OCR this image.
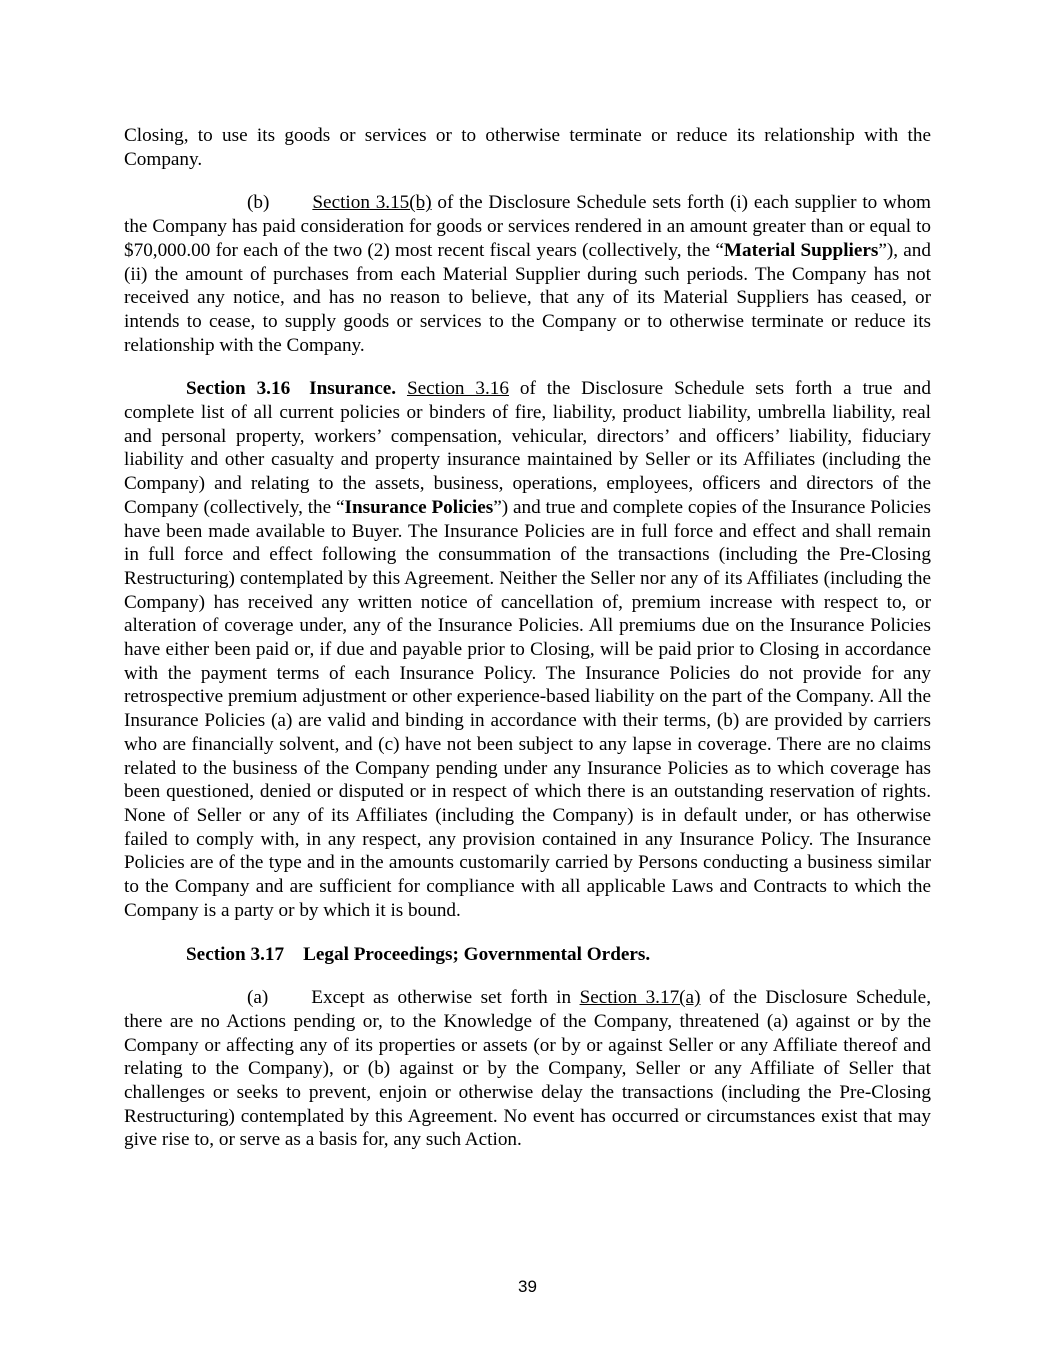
Closing, to use its goods or services or to otherwise terminate or reduce its relationship with the Company.

(b) Section 3.15(b) of the Disclosure Schedule sets forth (i) each supplier to whom the Company has paid consideration for goods or services rendered in an amount greater than or equal to $70,000.00 for each of the two (2) most recent fiscal years (collectively, the “Material Suppliers”), and (ii) the amount of purchases from each Material Supplier during such periods. The Company has not received any notice, and has no reason to believe, that any of its Material Suppliers has ceased, or intends to cease, to supply goods or services to the Company or to otherwise terminate or reduce its relationship with the Company.

Section 3.16 Insurance. Section 3.16 of the Disclosure Schedule sets forth a true and complete list of all current policies or binders of fire, liability, product liability, umbrella liability, real and personal property, workers’ compensation, vehicular, directors’ and officers’ liability, fiduciary liability and other casualty and property insurance maintained by Seller or its Affiliates (including the Company) and relating to the assets, business, operations, employees, officers and directors of the Company (collectively, the “Insurance Policies”) and true and complete copies of the Insurance Policies have been made available to Buyer. The Insurance Policies are in full force and effect and shall remain in full force and effect following the consummation of the transactions (including the Pre-Closing Restructuring) contemplated by this Agreement. Neither the Seller nor any of its Affiliates (including the Company) has received any written notice of cancellation of, premium increase with respect to, or alteration of coverage under, any of the Insurance Policies. All premiums due on the Insurance Policies have either been paid or, if due and payable prior to Closing, will be paid prior to Closing in accordance with the payment terms of each Insurance Policy. The Insurance Policies do not provide for any retrospective premium adjustment or other experience-based liability on the part of the Company. All the Insurance Policies (a) are valid and binding in accordance with their terms, (b) are provided by carriers who are financially solvent, and (c) have not been subject to any lapse in coverage. There are no claims related to the business of the Company pending under any Insurance Policies as to which coverage has been questioned, denied or disputed or in respect of which there is an outstanding reservation of rights. None of Seller or any of its Affiliates (including the Company) is in default under, or has otherwise failed to comply with, in any respect, any provision contained in any Insurance Policy. The Insurance Policies are of the type and in the amounts customarily carried by Persons conducting a business similar to the Company and are sufficient for compliance with all applicable Laws and Contracts to which the Company is a party or by which it is bound.

Section 3.17 Legal Proceedings; Governmental Orders.

(a) Except as otherwise set forth in Section 3.17(a) of the Disclosure Schedule, there are no Actions pending or, to the Knowledge of the Company, threatened (a) against or by the Company or affecting any of its properties or assets (or by or against Seller or any Affiliate thereof and relating to the Company), or (b) against or by the Company, Seller or any Affiliate of Seller that challenges or seeks to prevent, enjoin or otherwise delay the transactions (including the Pre-Closing Restructuring) contemplated by this Agreement. No event has occurred or circumstances exist that may give rise to, or serve as a basis for, any such Action.

39
